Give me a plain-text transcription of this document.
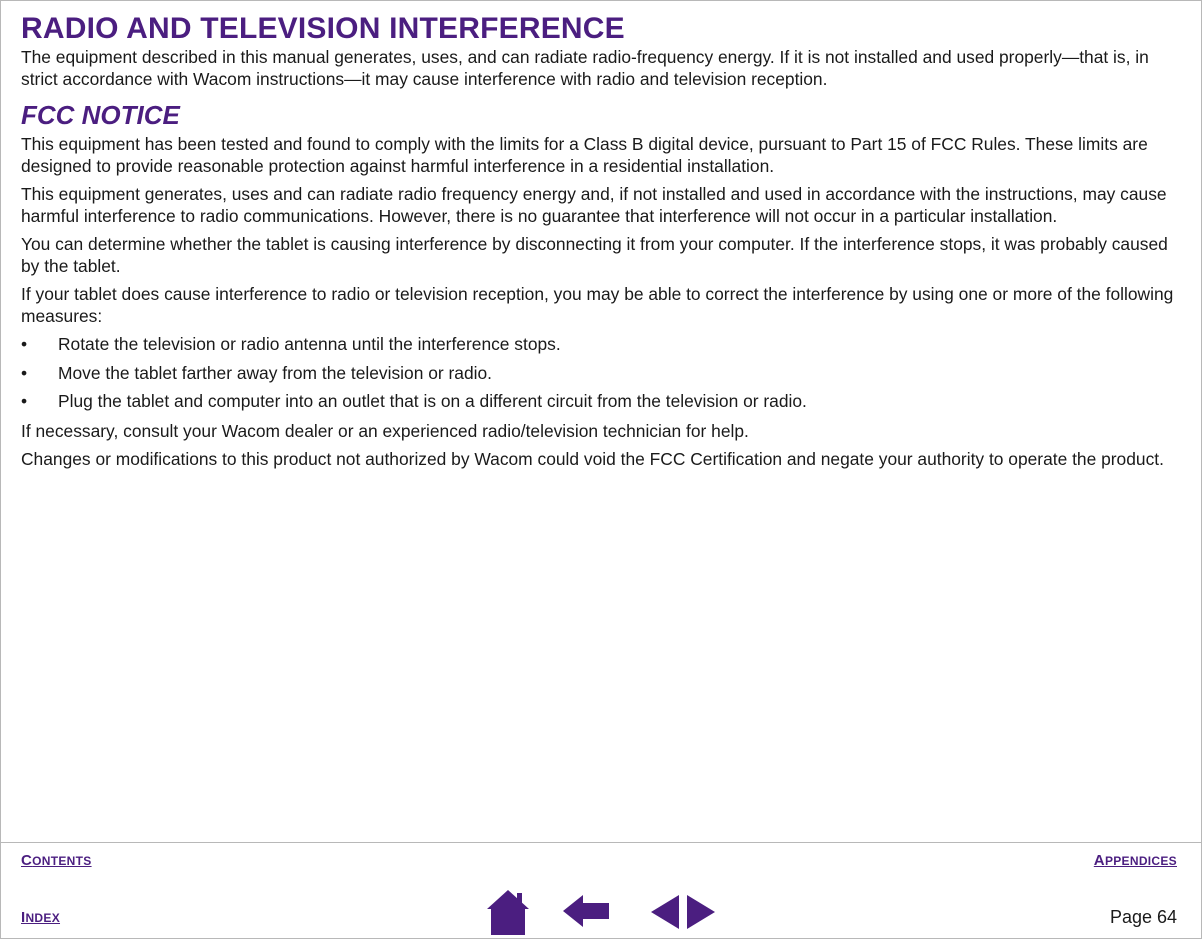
RADIO AND TELEVISION INTERFERENCE

The equipment described in this manual generates, uses, and can radiate radio-frequency energy. If it is not installed and used properly—that is, in strict accordance with Wacom instructions—it may cause interference with radio and television reception.

FCC NOTICE

This equipment has been tested and found to comply with the limits for a Class B digital device, pursuant to Part 15 of FCC Rules. These limits are designed to provide reasonable protection against harmful interference in a residential installation.

This equipment generates, uses and can radiate radio frequency energy and, if not installed and used in accordance with the instructions, may cause harmful interference to radio communications. However, there is no guarantee that interference will not occur in a particular installation.

You can determine whether the tablet is causing interference by disconnecting it from your computer. If the interference stops, it was probably caused by the tablet.

If your tablet does cause interference to radio or television reception, you may be able to correct the interference by using one or more of the following measures:

• Rotate the television or radio antenna until the interference stops.
• Move the tablet farther away from the television or radio.
• Plug the tablet and computer into an outlet that is on a different circuit from the television or radio.

If necessary, consult your Wacom dealer or an experienced radio/television technician for help.

Changes or modifications to this product not authorized by Wacom could void the FCC Certification and negate your authority to operate the product.

CONTENTS	APPENDICES
INDEX	Page 64
